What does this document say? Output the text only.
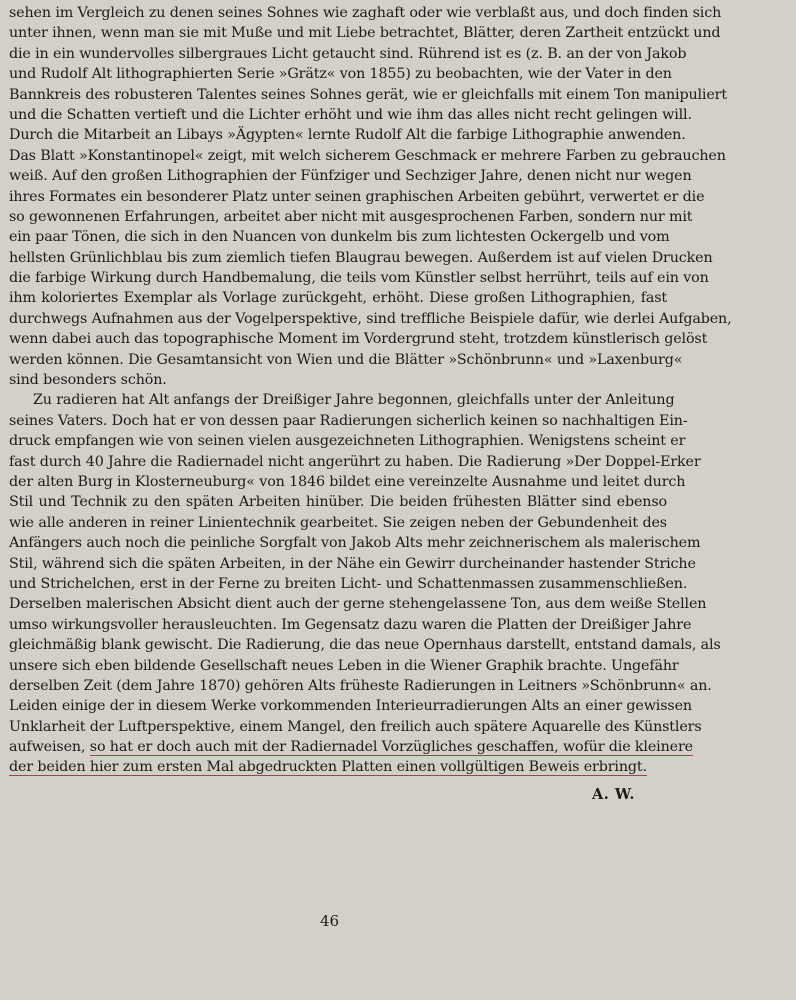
sehen im Vergleich zu denen seines Sohnes wie zaghaft oder wie verblaßt aus, und doch finden sich
unter ihnen, wenn man sie mit Muße und mit Liebe betrachtet, Blätter, deren Zartheit entzückt und
die in ein wundervolles silbergraues Licht getaucht sind. Rührend ist es (z. B. an der von Jakob
und Rudolf Alt lithographierten Serie »Grätz« von 1855) zu beobachten, wie der Vater in den
Bannkreis des robusteren Talentes seines Sohnes gerät, wie er gleichfalls mit einem Ton manipuliert
und die Schatten vertieft und die Lichter erhöht und wie ihm das alles nicht recht gelingen will.
Durch die Mitarbeit an Libays »Ägypten« lernte Rudolf Alt die farbige Lithographie anwenden.
Das Blatt »Konstantinopel« zeigt, mit welch sicherem Geschmack er mehrere Farben zu gebrauchen
weiß. Auf den großen Lithographien der Fünfziger und Sechziger Jahre, denen nicht nur wegen
ihres Formates ein besonderer Platz unter seinen graphischen Arbeiten gebührt, verwertet er die
so gewonnenen Erfahrungen, arbeitet aber nicht mit ausgesprochenen Farben, sondern nur mit
ein paar Tönen, die sich in den Nuancen von dunkelm bis zum lichtesten Ockergelb und vom
hellsten Grünlichblau bis zum ziemlich tiefen Blaugrau bewegen. Außerdem ist auf vielen Drucken
die farbige Wirkung durch Handbemalung, die teils vom Künstler selbst herrührt, teils auf ein von
ihm koloriertes Exemplar als Vorlage zurückgeht, erhöht. Diese großen Lithographien, fast
durchwegs Aufnahmen aus der Vogelperspektive, sind treffliche Beispiele dafür, wie derlei Aufgaben,
wenn dabei auch das topographische Moment im Vordergrund steht, trotzdem künstlerisch gelöst
werden können. Die Gesamtansicht von Wien und die Blätter »Schönbrunn« und »Laxenburg«
sind besonders schön.
Zu radieren hat Alt anfangs der Dreißiger Jahre begonnen, gleichfalls unter der Anleitung
seines Vaters. Doch hat er von dessen paar Radierungen sicherlich keinen so nachhaltigen Ein-
druck empfangen wie von seinen vielen ausgezeichneten Lithographien. Wenigstens scheint er
fast durch 40 Jahre die Radiernadel nicht angerührt zu haben. Die Radierung »Der Doppel-Erker
der alten Burg in Klosterneuburg« von 1846 bildet eine vereinzelte Ausnahme und leitet durch
Stil und Technik zu den späten Arbeiten hinüber. Die beiden frühesten Blätter sind ebenso
wie alle anderen in reiner Linientechnik gearbeitet. Sie zeigen neben der Gebundenheit des
Anfängers auch noch die peinliche Sorgfalt von Jakob Alts mehr zeichnerischem als malerischem
Stil, während sich die späten Arbeiten, in der Nähe ein Gewirr durcheinander hastender Striche
und Strichelchen, erst in der Ferne zu breiten Licht- und Schattenmassen zusammenschließen.
Derselben malerischen Absicht dient auch der gerne stehengelassene Ton, aus dem weiße Stellen
umso wirkungsvoller herausleuchten. Im Gegensatz dazu waren die Platten der Dreißiger Jahre
gleichmäßig blank gewischt. Die Radierung, die das neue Opernhaus darstellt, entstand damals, als
unsere sich eben bildende Gesellschaft neues Leben in die Wiener Graphik brachte. Ungefähr
derselben Zeit (dem Jahre 1870) gehören Alts früheste Radierungen in Leitners »Schönbrunn« an.
Leiden einige der in diesem Werke vorkommenden Interieurradierungen Alts an einer gewissen
Unklarheit der Luftperspektive, einem Mangel, den freilich auch spätere Aquarelle des Künstlers
aufweisen, so hat er doch auch mit der Radiernadel Vorzügliches geschaffen, wofür die kleinere
der beiden hier zum ersten Mal abgedruckten Platten einen vollgültigen Beweis erbringt.
A. W.
46
